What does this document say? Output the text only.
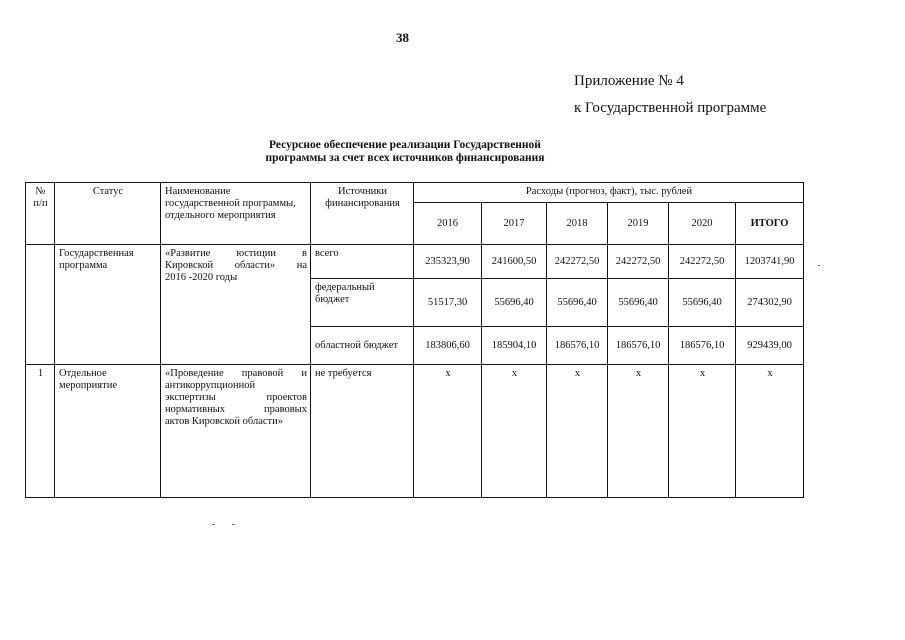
38
Приложение № 4
к Государственной программе
Ресурсное обеспечение реализации Государственной
программы за счет всех источников финансирования
№ п/п	Статус	Наименование государственной программы, отдельного мероприятия	Источники финансирования	Расходы (прогноз, факт), тыс. рублей					
				2016	2017	2018	2019	2020	ИТОГО
	Государственная программа	«Развитие юстиции в
Кировской области» на
2016 -2020 годы	всего	235323,90	241600,50	242272,50	242272,50	242272,50	1203741,90
			федеральный бюджет	51517,30	55696,40	55696,40	55696,40	55696,40	274302,90
			областной бюджет	183806,60	185904,10	186576,10	186576,10	186576,10	929439,00
1	Отдельное мероприятие	«Проведение правовой и
антикоррупционной
экспертизы проектов
нормативных правовых
актов Кировской области»	не требуется	х	х	х	х	х	х
